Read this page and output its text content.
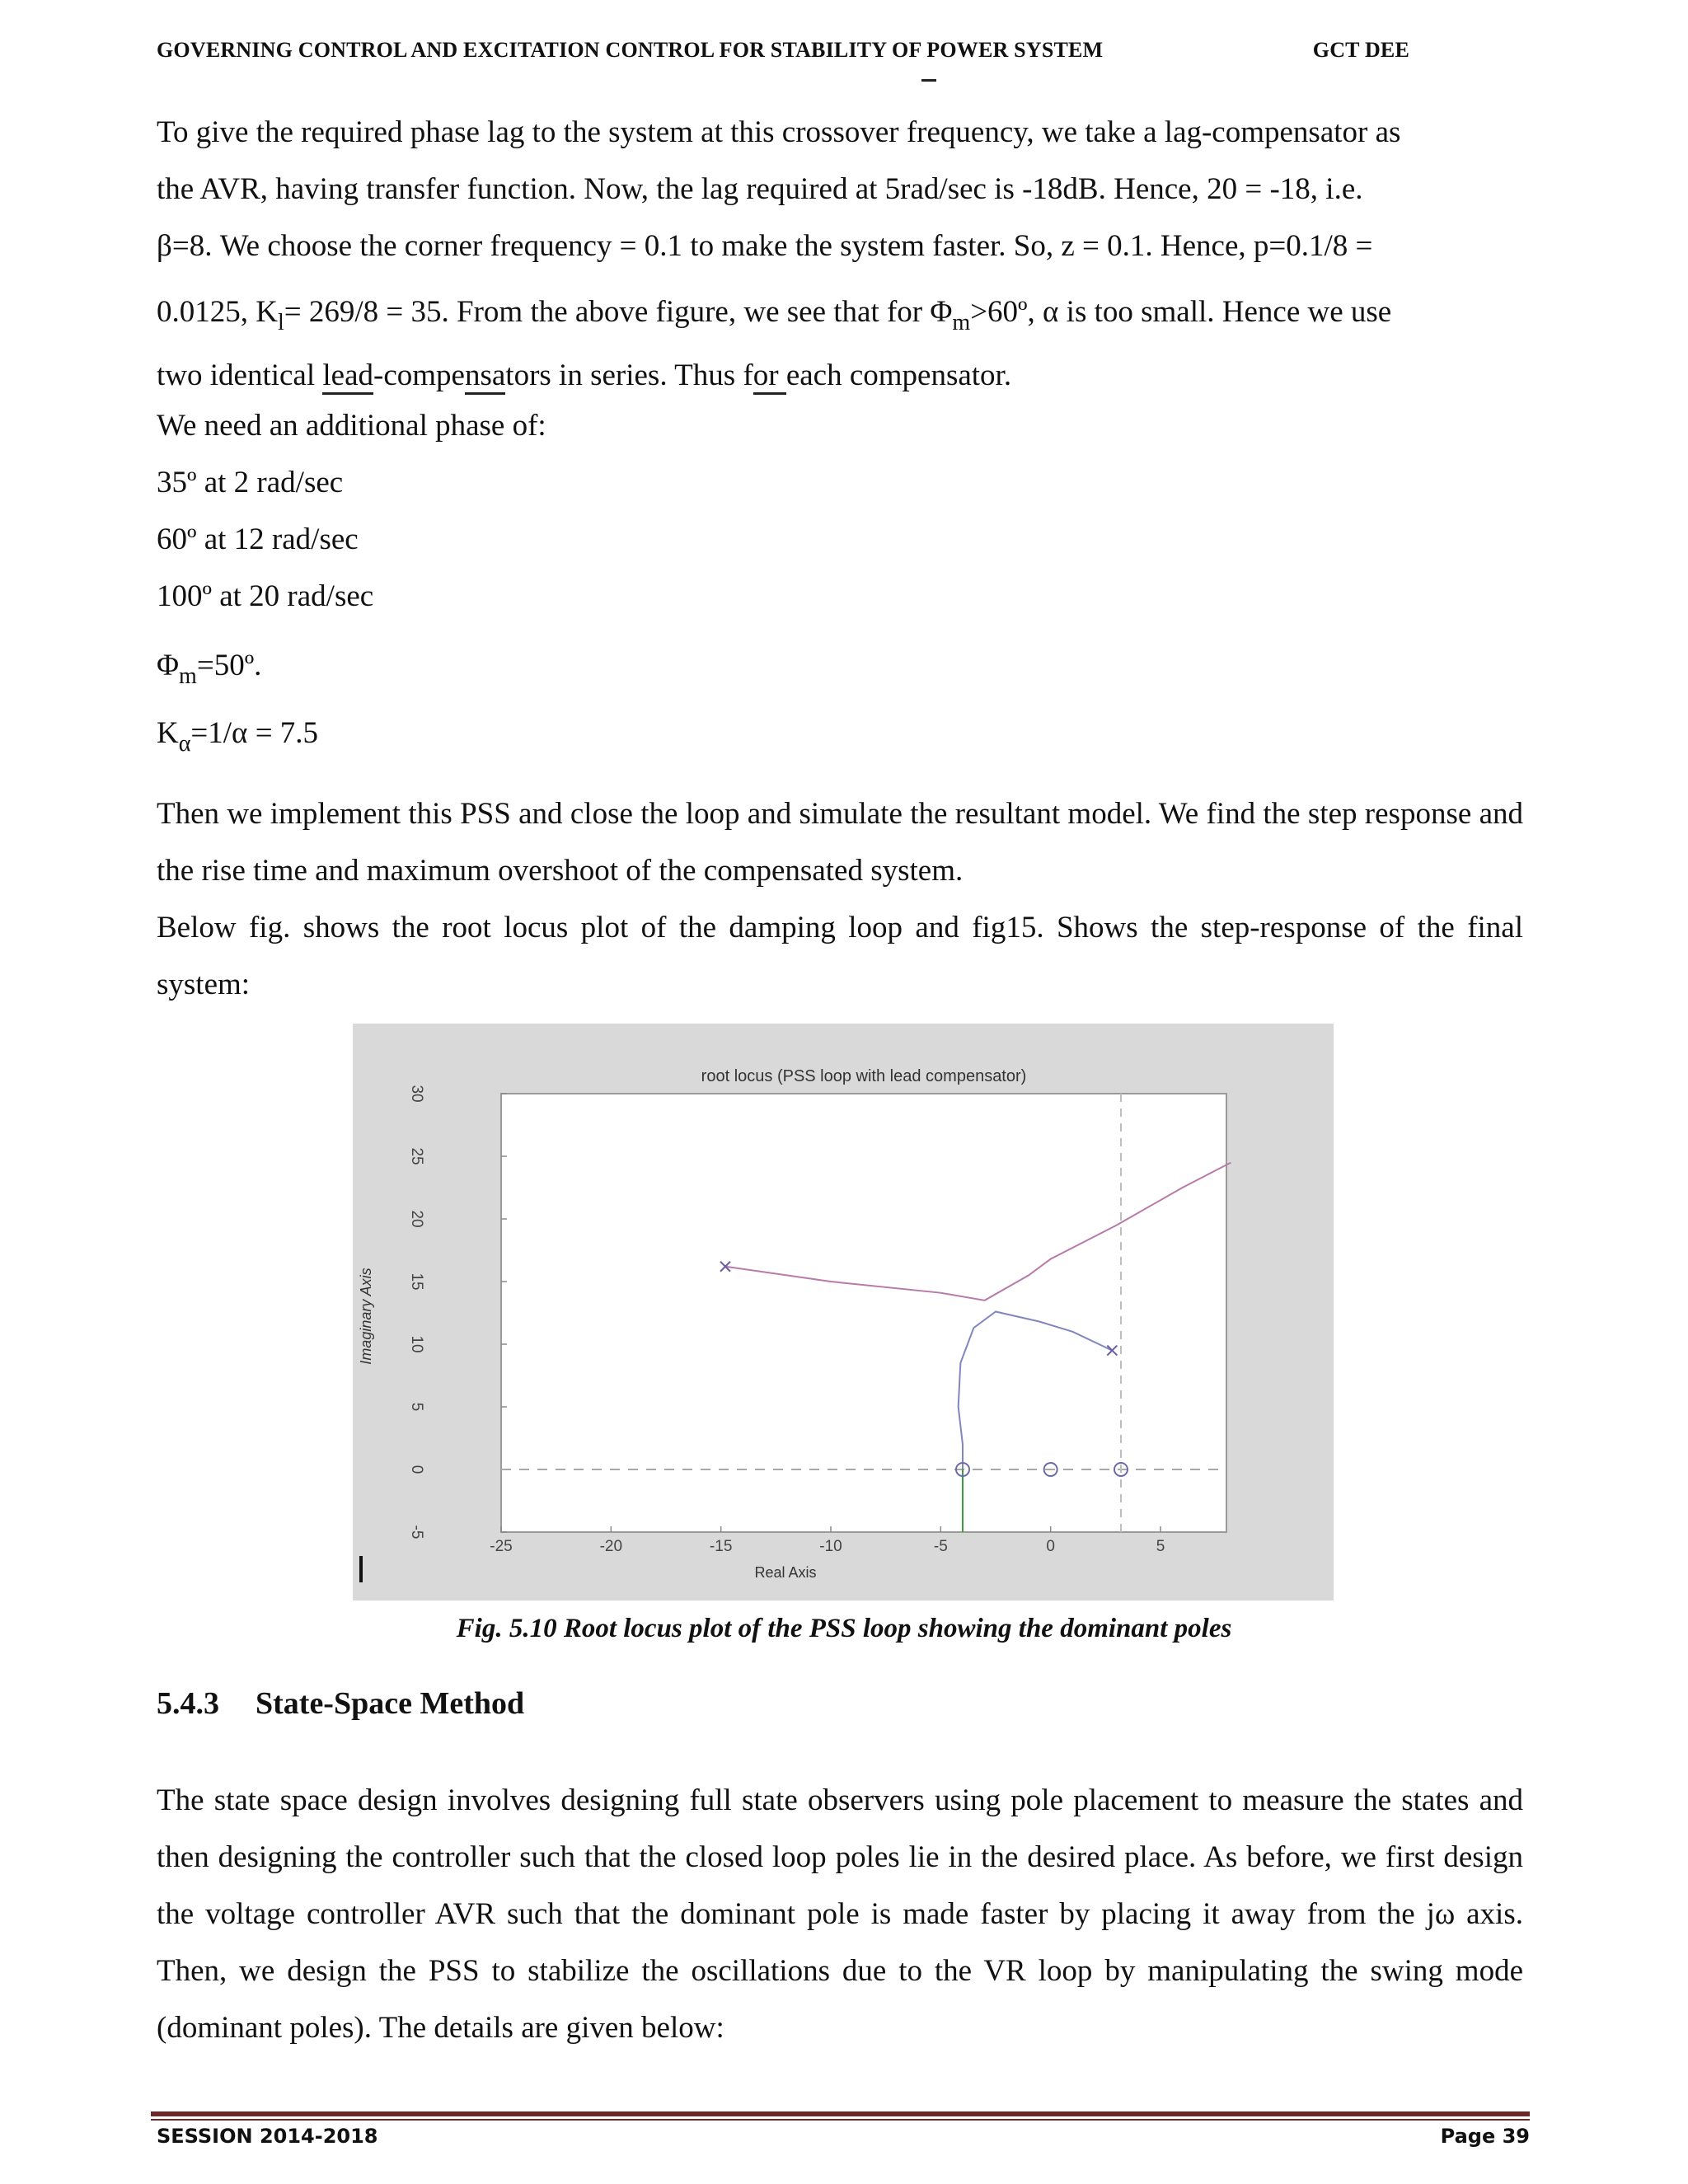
GOVERNING CONTROL AND EXCITATION CONTROL FOR STABILITY OF POWER SYSTEM	GCT DEE
To give the required phase lag to the system at this crossover frequency, we take a lag-compensator as
the AVR, having transfer function. Now, the lag required at 5rad/sec is -18dB. Hence, 20 = -18, i.e.
β=8. We choose the corner frequency = 0.1 to make the system faster. So, z = 0.1. Hence, p=0.1/8 =
0.0125, $K_l= 269/8 = 35$. From the above figure, we see that for $\Phi_m>60º$, α is too small. Hence we use
two identical lead-compensators in series. Thus for each compensator.
We need an additional phase of:
35º at 2 rad/sec
60º at 12 rad/sec
100º at 20 rad/sec
$\Phi_m=50º$.
$K_\alpha=1/\alpha = 7.5$

Then we implement this PSS and close the loop and simulate the resultant model. We find the step response and the rise time and maximum overshoot of the compensated system.

Below fig. shows the root locus plot of the damping loop and fig15. Shows the step-response of the final system:

root locus (PSS loop with lead compensator)
Real Axis
Imaginary Axis
-25	-20	-15	-10	-5	0	5
-5
0
5
10
15
20
25
30
Fig. 5.10 Root locus plot of the PSS loop showing the dominant poles
5.4.3 State-Space Method

The state space design involves designing full state observers using pole placement to measure the states and then designing the controller such that the closed loop poles lie in the desired place. As before, we first design the voltage controller AVR such that the dominant pole is made faster by placing it away from the jω axis. Then, we design the PSS to stabilize the oscillations due to the VR loop by manipulating the swing mode (dominant poles). The details are given below:

SESSION 2014-2018	Page 39
